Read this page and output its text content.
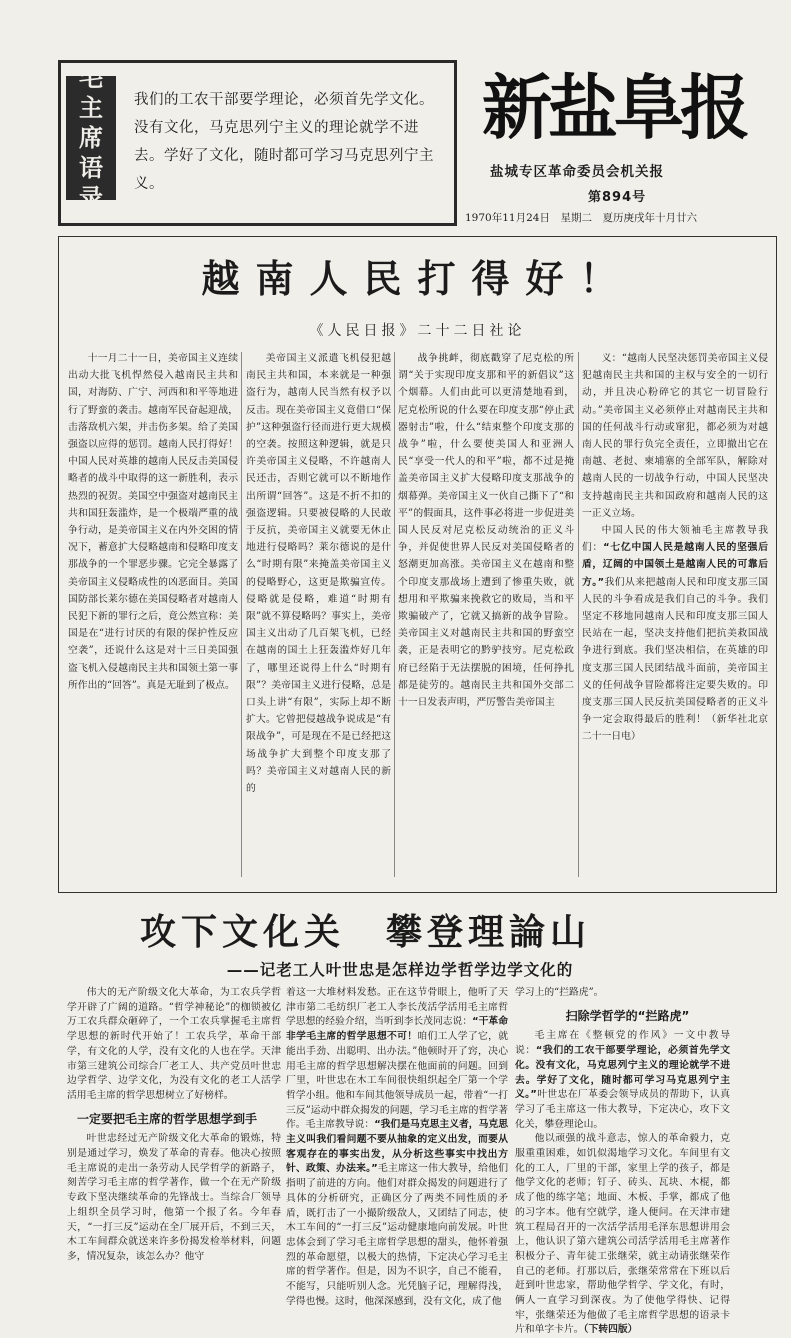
毛
主
席
语
录
我们的工农干部要学理论，必须首先学文化。没有文化，马克思列宁主义的理论就学不进去。学好了文化，随时都可学习马克思列宁主义。
新盐阜报
盐城专区革命委员会机关报
第894号
1970年11月24日　星期二　夏历庚戌年十月廿六
越南人民打得好！
《人民日报》二十二日社论

十一月二十一日，美帝国主义连续出动大批飞机悍然侵入越南民主共和国，对海防、广宁、河西和和平等地进行了野蛮的袭击。越南军民奋起迎战，击落敌机六架，并击伤多架。给了美国强盗以应得的惩罚。越南人民打得好！中国人民对英雄的越南人民反击美国侵略者的战斗中取得的这一新胜利，表示热烈的祝贺。美国空中强盗对越南民主共和国狂轰滥炸，是一个极端严重的战争行动，是美帝国主义在内外交困的情况下，蓄意扩大侵略越南和侵略印度支那战争的一个罪恶步骤。它完全暴露了美帝国主义侵略成性的凶恶面目。美国国防部长莱尔德在美国侵略者对越南人民犯下新的罪行之后，竟公然宣称：美国是在“进行讨厌的有限的保护性反应空袭”，还说什么这是对十三日美国强盗飞机入侵越南民主共和国领土第一事所作出的“回答”。真是无耻到了极点。

美帝国主义派遣飞机侵犯越南民主共和国，本来就是一种强盗行为，越南人民当然有权予以反击。现在美帝国主义竟借口“保护”这种强盗行径而进行更大规模的空袭。按照这种逻辑，就是只许美帝国主义侵略，不许越南人民还击，否则它就可以不断地作出所谓“回答”。这是不折不扣的强盗逻辑。只要被侵略的人民敢于反抗，美帝国主义就要无休止地进行侵略吗？莱尔德说的是什么“时期有限”来掩盖美帝国主义的侵略野心，这更是欺骗宣传。侵略就是侵略，难道“时期有限”就不算侵略吗？事实上，美帝国主义出动了几百架飞机，已经在越南的国土上狂轰滥炸好几年了，哪里还说得上什么“时期有限”？美帝国主义进行侵略，总是口头上讲“有限”，实际上却不断扩大。它曾把侵越战争说成是“有限战争”，可是现在不是已经把这场战争扩大到整个印度支那了吗？美帝国主义对越南人民的新的

战争挑衅，彻底戳穿了尼克松的所谓“关于实现印度支那和平的新倡议”这个烟幕。人们由此可以更清楚地看到，尼克松所说的什么要在印度支那“停止武器射击”啦，什么“结束整个印度支那的战争”啦，什么要使美国人和亚洲人民“享受一代人的和平”啦，都不过是掩盖美帝国主义扩大侵略印度支那战争的烟幕弹。美帝国主义一伙自己撕下了“和平”的假面具，这件事必将进一步促进美国人民反对尼克松反动统治的正义斗争，并促使世界人民反对美国侵略者的怒潮更加高涨。美帝国主义在越南和整个印度支那战场上遭到了惨重失败，就想用和平欺骗来挽救它的败局，当和平欺骗破产了，它就又搞新的战争冒险。美帝国主义对越南民主共和国的野蛮空袭，正是表明它的黔驴技穷。尼克松政府已经陷于无法摆脱的困境，任何挣扎都是徒劳的。越南民主共和国外交部二十一日发表声明，严厉警告美帝国主

义：“越南人民坚决惩罚美帝国主义侵犯越南民主共和国的主权与安全的一切行动，并且决心粉碎它的其它一切冒险行动。”美帝国主义必须停止对越南民主共和国的任何战斗行动或窜犯，都必须为对越南人民的罪行负完全责任，立即撤出它在南越、老挝、柬埔寨的全部军队，解除对越南人民的一切战争行动，中国人民坚决支持越南民主共和国政府和越南人民的这一正义立场。

中国人民的伟大领袖毛主席教导我们：“七亿中国人民是越南人民的坚强后盾，辽阔的中国领土是越南人民的可靠后方。”我们从来把越南人民和印度支那三国人民的斗争看成是我们自己的斗争。我们坚定不移地同越南人民和印度支那三国人民站在一起，坚决支持他们把抗美救国战争进行到底。我们坚决相信，在英雄的印度支那三国人民团结战斗面前，美帝国主义的任何战争冒险都将注定要失败的。印度支那三国人民反抗美国侵略者的正义斗争一定会取得最后的胜利！（新华社北京二十一日电）

攻下文化关　攀登理論山
——记老工人叶世忠是怎样边学哲学边学文化的

伟大的无产阶级文化大革命，为工农兵学哲学开辟了广阔的道路。“哲学神秘论”的枷锁被亿万工农兵群众砸碎了，一个工农兵掌握毛主席哲学思想的新时代开始了！工农兵学，革命干部学，有文化的人学，没有文化的人也在学。天津市第三建筑公司综合厂老工人、共产党员叶世忠边学哲学、边学文化，为没有文化的老工人活学活用毛主席的哲学思想树立了好榜样。

一定要把毛主席的哲学思想学到手

叶世忠经过无产阶级文化大革命的锻炼，特别是通过学习，焕发了革命的青春。他决心按照毛主席说的走出一条劳动人民学哲学的新路子，刻苦学习毛主席的哲学著作，做一个在无产阶级专政下坚决继续革命的先锋战士。当综合厂领导上组织全员学习时，他第一个报了名。今年春天，“一打三反”运动在全厂展开后，不到三天，木工车间群众就送来许多份揭发检举材料，问题多，情况复杂，该怎么办？他守

着这一大堆材料发愁。正在这节骨眼上，他听了天津市第二毛纺织厂老工人李长茂活学活用毛主席哲学思想的经验介绍，当听到李长茂同志说：“干革命非学毛主席的哲学思想不可！咱们工人学了它，就能出手劲、出聪明、出办法。”他顿时开了窍，决心用毛主席的哲学思想解决摆在他面前的问题。回到厂里，叶世忠在木工车间很快组织起全厂第一个学哲学小组。他和车间其他领导成员一起，带着“一打三反”运动中群众揭发的问题，学习毛主席的哲学著作。毛主席教导说：“我们是马克思主义者，马克思主义叫我们看问题不要从抽象的定义出发，而要从客观存在的事实出发，从分析这些事实中找出方针、政策、办法来。”毛主席这一伟大教导，给他们指明了前进的方向。他们对群众揭发的问题进行了具体的分析研究，正确区分了两类不同性质的矛盾，既打击了一小撮阶级敌人，又团结了同志，使木工车间的“一打三反”运动健康地向前发展。叶世忠体会到了学习毛主席哲学思想的甜头，他怀着强烈的革命愿望，以极大的热情，下定决心学习毛主席的哲学著作。但是，因为不识字，自己不能看，不能写，只能听别人念。光凭脑子记，理解得浅，学得也慢。这时，他深深感到，没有文化，成了他

学习上的“拦路虎”。

扫除学哲学的“拦路虎”

毛主席在《整顿党的作风》一文中教导说：“我们的工农干部要学理论，必须首先学文化。没有文化，马克思列宁主义的理论就学不进去。学好了文化，随时都可学习马克思列宁主义。”叶世忠在厂革委会领导成员的帮助下，认真学习了毛主席这一伟大教导，下定决心，攻下文化关，攀登理论山。

他以顽强的战斗意志，惊人的革命毅力，克服重重困难，如饥似渴地学习文化。车间里有文化的工人，厂里的干部，家里上学的孩子，都是他学文化的老师；钉子、砖头、瓦块、木棍，都成了他的练字笔；地面、木板、手掌，都成了他的习字本。他有空就学，逢人便问。在天津市建筑工程局召开的一次活学活用毛泽东思想讲用会上，他认识了第六建筑公司活学活用毛主席著作积极分子、青年徒工张继荣，就主动请张继荣作自己的老师。打那以后，张继荣常常在下班以后赶到叶世忠家，帮助他学哲学、学文化，有时，俩人一直学习到深夜。为了使他学得快、记得牢，张继荣还为他做了毛主席哲学思想的语录卡片和单字卡片。（下转四版）
